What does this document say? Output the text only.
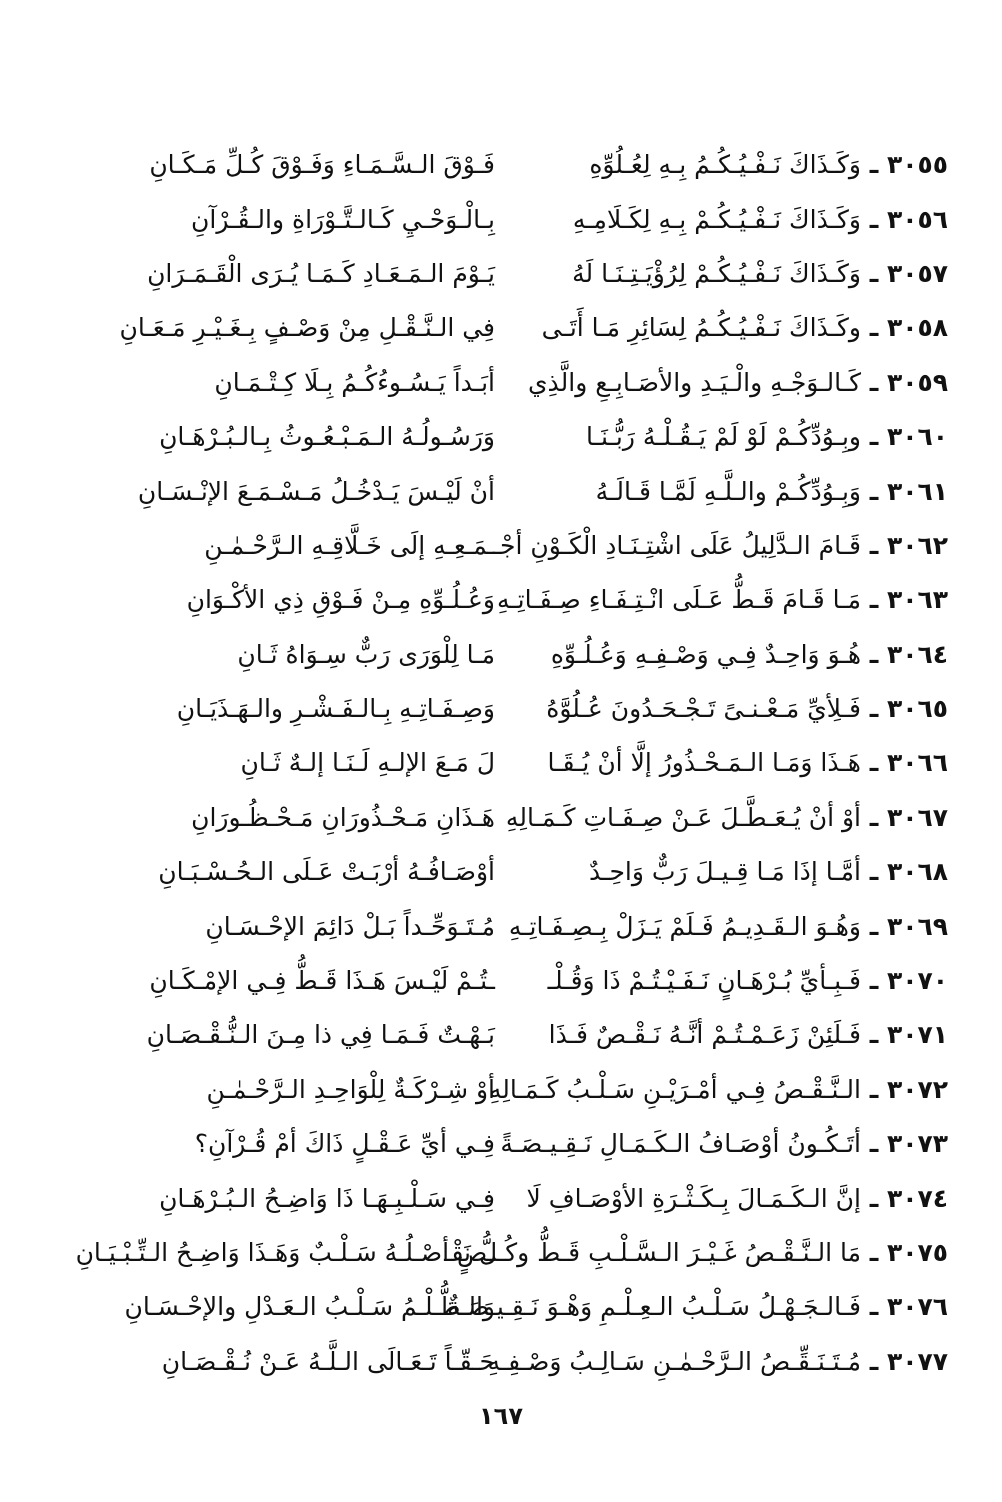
٣٠٥٥ ـ وَكَـذَاكَ نَـفْـيُـكُـمُ بِـهِ لِعُـلُوِّهِ
فَـوْقَ الـسَّـمَـاءِ وَفَـوْقَ كُـلِّ مَـكَـانِ
٣٠٥٦ ـ وَكَـذَاكَ نَـفْـيُـكُـمْ بِـهِ لِكَـلَامِـهِ
بِـالْـوَحْـيِ كَـالـتَّـوْرَاةِ والـقُـرْآنِ
٣٠٥٧ ـ وَكَـذَاكَ نَـفْـيُـكُـمْ لِرُؤْيَـتِـنَـا لَهُ
يَـوْمَ الـمَـعَـادِ كَـمَـا يُـرَى الْقَـمَـرَانِ
٣٠٥٨ ـ وكَـذَاكَ نَـفْـيُـكُـمُ لِسَائِرِ مَـا أَتَـى
فِي الـنَّـقْـلِ مِنْ وَصْـفٍ بِـغَـيْـرِ مَـعَـانِ
٣٠٥٩ ـ كَـالـوَجْـهِ والْـيَـدِ والأصَـابِـعِ والَّذِي
أبَـداً يَـسُـوءُكُـمُ بِـلَا كِـتْـمَـانِ
٣٠٦٠ ـ وبِـوُدِّكُـمْ لَوْ لَمْ يَـقُـلْـهُ رَبُّـنَـا
وَرَسُـولُـهُ الـمَـبْـعُـوثُ بِـالـبُـرْهَـانِ
٣٠٦١ ـ وَبِـوُدِّكُـمْ والـلَّـهِ لَمَّـا قَـالَـهُ
أنْ لَيْـسَ يَـدْخُـلُ مَـسْـمَـعَ الإنْـسَـانِ
٣٠٦٢ ـ قَـامَ الـدَّلِيلُ عَلَى اشْتِـنَـادِ الْكَـوْنِ أجْـ
ـمَـعِـهِ إلَى خَـلَّاقِـهِ الـرَّحْـمٰـنِ
٣٠٦٣ ـ مَـا قَـامَ قَـطُّ عَـلَى انْـتِـفَـاءِ صِـفَـاتِـهِ
وَعُـلُـوِّهِ مِـنْ فَـوْقِ ذِي الأكْـوَانِ
٣٠٦٤ ـ هُـوَ وَاحِـدٌ فِـي وَصْـفِـهِ وَعُـلُـوِّهِ
مَـا لِلْوَرَى رَبٌّ سِـوَاهُ ثَـانِ
٣٠٦٥ ـ فَـلِأيِّ مَـعْـنـىً تَـجْـحَـدُونَ عُـلُوَّهُ
وَصِـفَـاتِـهِ بِـالـفَـشْـرِ والـهَـذَيَـانِ
٣٠٦٦ ـ هَـذَا وَمَـا الـمَـحْـذُورُ إلَّا أنْ يُـقَـا
لَ مَـعَ الإلـهِ لَـنَـا إلـهٌ ثَـانِ
٣٠٦٧ ـ أوْ أنْ يُـعَـطَّـلَ عَـنْ صِـفَـاتِ كَـمَـالِهِ
هَـذَانِ مَـحْـذُورَانِ مَـحْـظُـورَانِ
٣٠٦٨ ـ أمَّـا إذَا مَـا قِـيـلَ رَبٌّ وَاحِـدٌ
أوْصَـافُـهُ أرْبَـتْ عَـلَى الـحُـسْـبَـانِ
٣٠٦٩ ـ وَهُـوَ الـقَـدِيـمُ فَـلَمْ يَـزَلْ بِـصِـفَـاتِـهِ
مُـتَـوَحِّـداً بَـلْ دَائِمَ الإحْـسَـانِ
٣٠٧٠ ـ فَـبِـأيِّ بُـرْهَـانٍ نَـفَـيْـتُـمْ ذَا وَقُـلْـ
ـتُـمْ لَيْـسَ هَـذَا قَـطُّ فِـي الإمْـكَـانِ
٣٠٧١ ـ فَـلَئِنْ زَعَـمْـتُـمْ أنَّـهُ نَـقْـصٌ فَـذَا
بَـهْـتٌ فَـمَـا فِي ذا مِـنَ الـنُّـقْـصَـانِ
٣٠٧٢ ـ الـنَّـقْـصُ فِـي أمْـرَيْـنِ سَـلْـبُ كَـمَـالِهِ
أوْ شِـرْكَـةٌ لِلْوَاحِـدِ الـرَّحْـمٰـنِ
٣٠٧٣ ـ أتَـكُـونُ أوْصَـافُ الـكَـمَـالِ نَـقِـيـصَـةً
فِـي أيِّ عَـقْـلٍ ذَاكَ أمْ قُـرْآنِ؟
٣٠٧٤ ـ إنَّ الـكَـمَـالَ بِـكَـثْـرَةِ الأوْصَـافِ لَا
فِـي سَـلْـبِـهَـا ذَا وَاضِـحُ الـبُـرْهَـانِ
٣٠٧٥ ـ مَا الـنَّـقْـصُ غَـيْـرَ الـسَّـلْـبِ قَـطُّ وكُـلُّ نَقْـ
ـصٍ أصْـلُـهُ سَـلْـبٌ وَهَـذَا وَاضِـحُ الـتِّـبْـيَـانِ
٣٠٧٦ ـ فَـالـجَـهْـلُ سَـلْـبُ الـعِـلْـمِ وَهْـوَ نَـقِـيـصَـةٌ
وَالـظُّـلْـمُ سَـلْـبُ الـعَـدْلِ والإحْـسَـانِ
٣٠٧٧ ـ مُـتَـنَـقِّـصُ الـرَّحْـمٰـنِ سَـالِـبُ وَصْـفِـهِ
حَـقّـاً تَـعَـالَى الـلَّـهُ عَـنْ نُـقْـصَـانِ
١٦٧
